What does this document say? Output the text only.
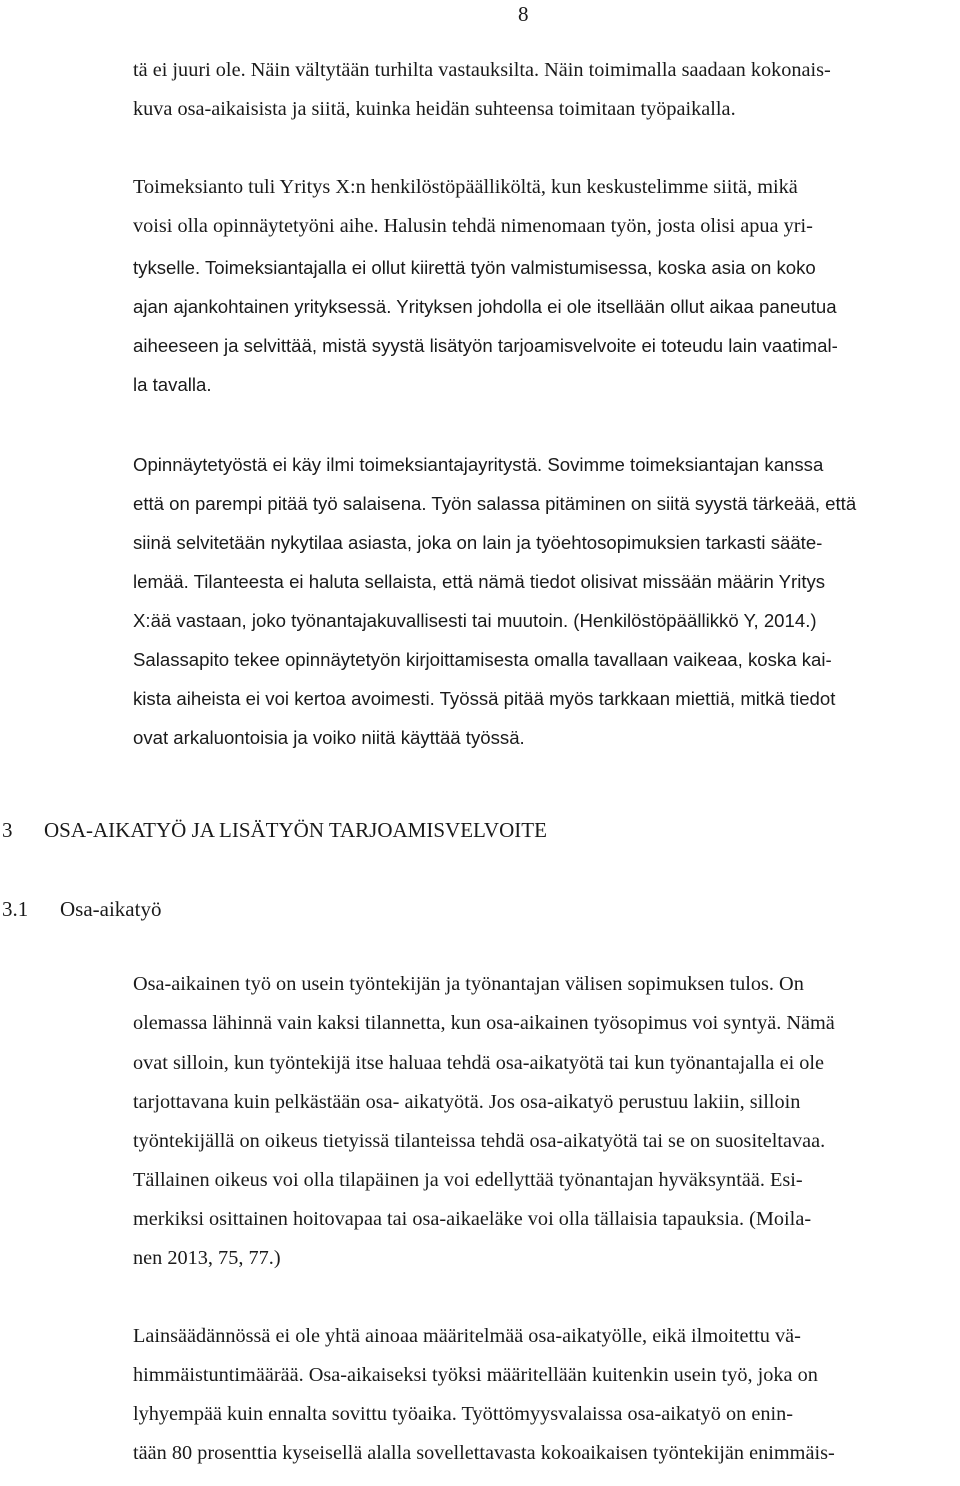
8
tä ei juuri ole. Näin vältytään turhilta vastauksilta. Näin toimimalla saadaan kokonais-
kuva osa-aikaisista ja siitä, kuinka heidän suhteensa toimitaan työpaikalla.
Toimeksianto tuli Yritys X:n henkilöstöpäälliköltä, kun keskustelimme siitä, mikä
voisi olla opinnäytetyöni aihe. Halusin tehdä nimenomaan työn, josta olisi apua yri-
tykselle. Toimeksiantajalla ei ollut kiirettä työn valmistumisessa, koska asia on koko
ajan ajankohtainen yrityksessä. Yrityksen johdolla ei ole itsellään ollut aikaa paneutua
aiheeseen ja selvittää, mistä syystä lisätyön tarjoamisvelvoite ei toteudu lain vaatimal-
la tavalla.
Opinnäytetyöstä ei käy ilmi toimeksiantajayritystä. Sovimme toimeksiantajan kanssa
että on parempi pitää työ salaisena. Työn salassa pitäminen on siitä syystä tärkeää, että
siinä selvitetään nykytilaa asiasta, joka on lain ja työehtosopimuksien tarkasti sääte-
lemää. Tilanteesta ei haluta sellaista, että nämä tiedot olisivat missään määrin Yritys
X:ää vastaan, joko työnantajakuvallisesti tai muutoin. (Henkilöstöpäällikkö Y, 2014.)
Salassapito tekee opinnäytetyön kirjoittamisesta omalla tavallaan vaikeaa, koska kai-
kista aiheista ei voi kertoa avoimesti. Työssä pitää myös tarkkaan miettiä, mitkä tiedot
ovat arkaluontoisia ja voiko niitä käyttää työssä.
3 OSA-AIKATYÖ JA LISÄTYÖN TARJOAMISVELVOITE
3.1 Osa-aikatyö
Osa-aikainen työ on usein työntekijän ja työnantajan välisen sopimuksen tulos. On
olemassa lähinnä vain kaksi tilannetta, kun osa-aikainen työsopimus voi syntyä. Nämä
ovat silloin, kun työntekijä itse haluaa tehdä osa-aikatyötä tai kun työnantajalla ei ole
tarjottavana kuin pelkästään osa- aikatyötä. Jos osa-aikatyö perustuu lakiin, silloin
työntekijällä on oikeus tietyissä tilanteissa tehdä osa-aikatyötä tai se on suositeltavaa.
Tällainen oikeus voi olla tilapäinen ja voi edellyttää työnantajan hyväksyntää. Esi-
merkiksi osittainen hoitovapaa tai osa-aikaeläke voi olla tällaisia tapauksia. (Moila-
nen 2013, 75, 77.)
Lainsäädännössä ei ole yhtä ainoaa määritelmää osa-aikatyölle, eikä ilmoitettu vä-
himmäistuntimäärää. Osa-aikaiseksi työksi määritellään kuitenkin usein työ, joka on
lyhyempää kuin ennalta sovittu työaika. Työttömyysvalaissa osa-aikatyö on enin-
tään 80 prosenttia kyseisellä alalla sovellettavasta kokoaikaisen työntekijän enimmäis-
